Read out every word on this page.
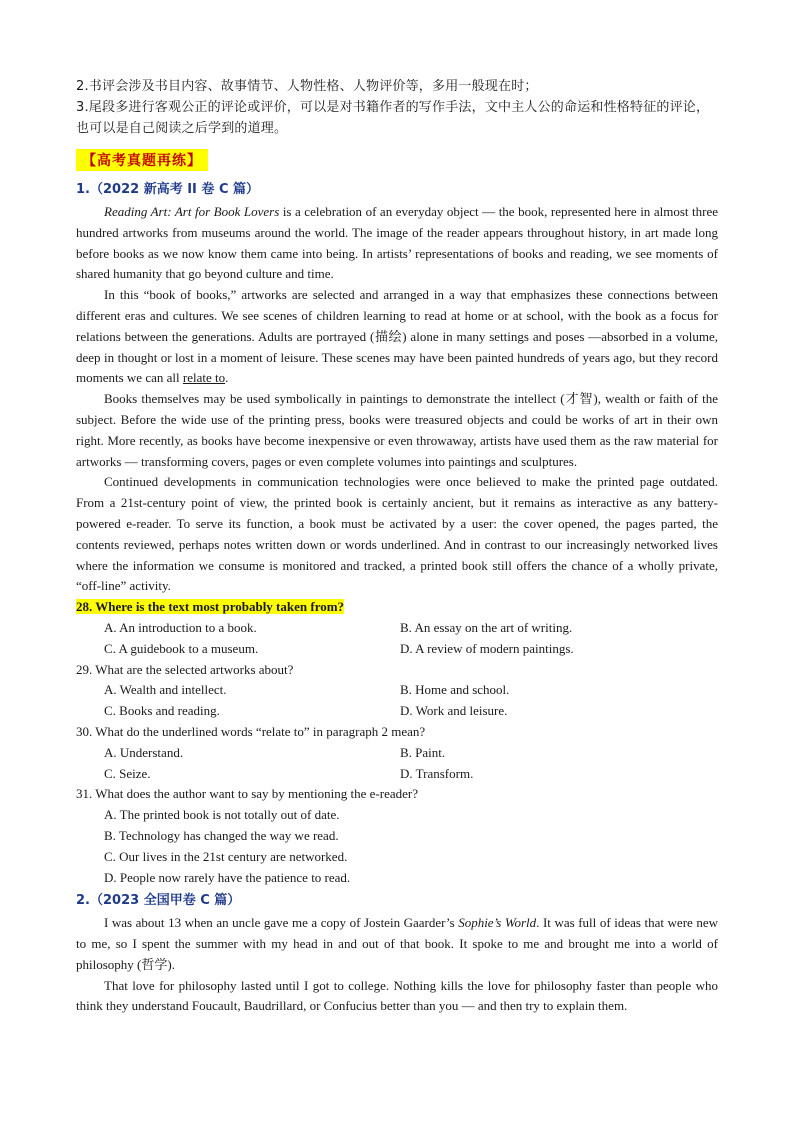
2.书评会涉及书目内容、故事情节、人物性格、人物评价等，多用一般现在时；
3.尾段多进行客观公正的评论或评价，可以是对书籍作者的写作手法，文中主人公的命运和性格特征的评论，也可以是自己阅读之后学到的道理。
【高考真题再练】
1.（2022 新高考 II 卷 C 篇）

Reading Art: Art for Book Lovers is a celebration of an everyday object — the book, represented here in almost three hundred artworks from museums around the world. The image of the reader appears throughout history, in art made long before books as we now know them came into being. In artists’ representations of books and reading, we see moments of shared humanity that go beyond culture and time.

In this “book of books,” artworks are selected and arranged in a way that emphasizes these connections between different eras and cultures. We see scenes of children learning to read at home or at school, with the book as a focus for relations between the generations. Adults are portrayed (描绘) alone in many settings and poses —absorbed in a volume, deep in thought or lost in a moment of leisure. These scenes may have been painted hundreds of years ago, but they record moments we can all relate to.

Books themselves may be used symbolically in paintings to demonstrate the intellect (才智), wealth or faith of the subject. Before the wide use of the printing press, books were treasured objects and could be works of art in their own right. More recently, as books have become inexpensive or even throwaway, artists have used them as the raw material for artworks — transforming covers, pages or even complete volumes into paintings and sculptures.

Continued developments in communication technologies were once believed to make the printed page outdated. From a 21st-century point of view, the printed book is certainly ancient, but it remains as interactive as any battery-powered e-reader. To serve its function, a book must be activated by a user: the cover opened, the pages parted, the contents reviewed, perhaps notes written down or words underlined. And in contrast to our increasingly networked lives where the information we consume is monitored and tracked, a printed book still offers the chance of a wholly private, “off-line” activity.

28. Where is the text most probably taken from?

A. An introduction to a book.	B. An essay on the art of writing.
C. A guidebook to a museum.	D. A review of modern paintings.

29. What are the selected artworks about?

A. Wealth and intellect.	B. Home and school.
C. Books and reading.	D. Work and leisure.

30. What do the underlined words “relate to” in paragraph 2 mean?

A. Understand.	B. Paint.
C. Seize.	D. Transform.

31. What does the author want to say by mentioning the e-reader?

A. The printed book is not totally out of date.
B. Technology has changed the way we read.
C. Our lives in the 21st century are networked.
D. People now rarely have the patience to read.
2.（2023 全国甲卷 C 篇）

I was about 13 when an uncle gave me a copy of Jostein Gaarder’s Sophie’s World. It was full of ideas that were new to me, so I spent the summer with my head in and out of that book. It spoke to me and brought me into a world of philosophy (哲学).

That love for philosophy lasted until I got to college. Nothing kills the love for philosophy faster than people who think they understand Foucault, Baudrillard, or Confucius better than you — and then try to explain them.
